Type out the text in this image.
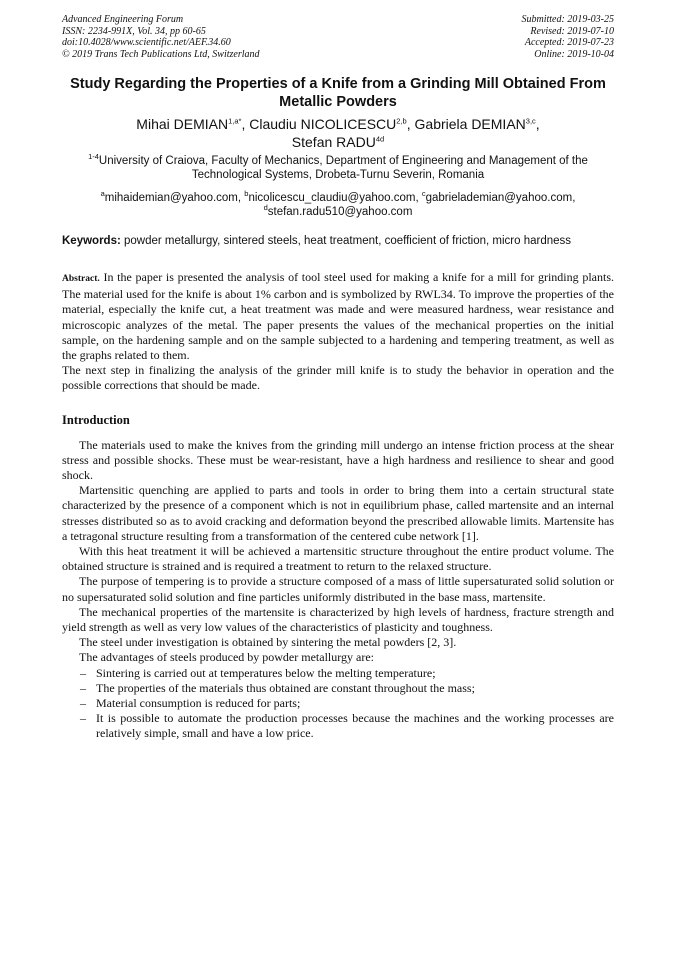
Advanced Engineering Forum
ISSN: 2234-991X, Vol. 34, pp 60-65
doi:10.4028/www.scientific.net/AEF.34.60
© 2019 Trans Tech Publications Ltd, Switzerland
Submitted: 2019-03-25
Revised: 2019-07-10
Accepted: 2019-07-23
Online: 2019-10-04
Study Regarding the Properties of a Knife from a Grinding Mill Obtained From Metallic Powders
Mihai $DEMIAN^{1,a*}$, Claudiu NICOLICESCU$^{2,b}$, Gabriela DEMIAN$^{3,c}$,
Stefan $RADU^{4d}$
$^{1-4}$University of Craiova, Faculty of Mechanics, Department of Engineering and Management of the Technological Systems, Drobeta-Turnu Severin, Romania
$^a$mihaidemian@yahoo.com, $^b$nicolicescu_claudiu@yahoo.com, $^c$gabrielademian@yahoo.com,
$^d$stefan.radu510@yahoo.com
Keywords: powder metallurgy, sintered steels, heat treatment, coefficient of friction, micro hardness
Abstract. In the paper is presented the analysis of tool steel used for making a knife for a mill for grinding plants. The material used for the knife is about 1% carbon and is symbolized by RWL34. To improve the properties of the material, especially the knife cut, a heat treatment was made and were measured hardness, wear resistance and microscopic analyzes of the metal. The paper presents the values of the mechanical properties on the initial sample, on the hardening sample and on the sample subjected to a hardening and tempering treatment, as well as the graphs related to them.
The next step in finalizing the analysis of the grinder mill knife is to study the behavior in operation and the possible corrections that should be made.
Introduction

The materials used to make the knives from the grinding mill undergo an intense friction process at the shear stress and possible shocks. These must be wear-resistant, have a high hardness and resilience to shear and good shock.

Martensitic quenching are applied to parts and tools in order to bring them into a certain structural state characterized by the presence of a component which is not in equilibrium phase, called martensite and an internal stresses distributed so as to avoid cracking and deformation beyond the prescribed allowable limits. Martensite has a tetragonal structure resulting from a transformation of the centered cube network [1].

With this heat treatment it will be achieved a martensitic structure throughout the entire product volume. The obtained structure is strained and is required a treatment to return to the relaxed structure.

The purpose of tempering is to provide a structure composed of a mass of little supersaturated solid solution or no supersaturated solid solution and fine particles uniformly distributed in the base mass, martensite.

The mechanical properties of the martensite is characterized by high levels of hardness, fracture strength and yield strength as well as very low values of the characteristics of plasticity and toughness.

The steel under investigation is obtained by sintering the metal powders [2, 3].

The advantages of steels produced by powder metallurgy are:

– Sintering is carried out at temperatures below the melting temperature;
– The properties of the materials thus obtained are constant throughout the mass;
– Material consumption is reduced for parts;
– It is possible to automate the production processes because the machines and the working processes are relatively simple, small and have a low price.
